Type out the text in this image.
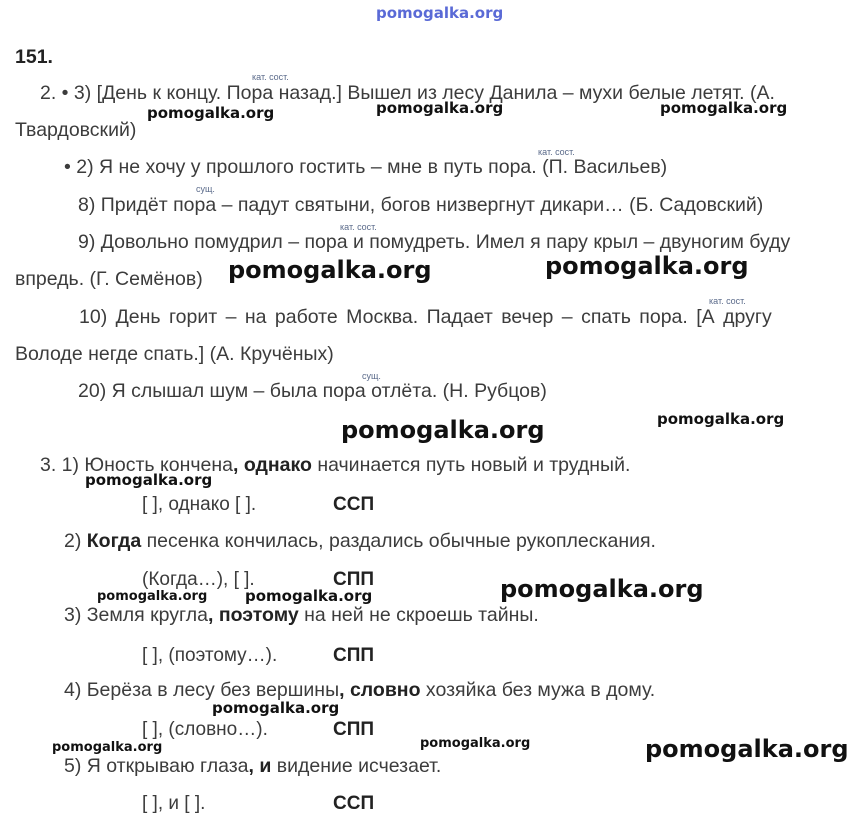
pomogalka.org
151.
кат. сост.
2. • 3) [День к концу. Пора назад.] Вышел из лесу Данила – мухи белые летят. (А.
Твардовский)
кат. сост.
• 2) Я не хочу у прошлого гостить – мне в путь пора. (П. Васильев)
сущ.
8) Придёт пора – падут святыни, богов низвергнут дикари… (Б. Садовский)
кат. сост.
9) Довольно помудрил – пора и помудреть. Имел я пару крыл – двуногим буду
впредь. (Г. Семёнов)
кат. сост.
10) День горит – на работе Москва. Падает вечер – спать пора. [А другу
Володе негде спать.] (А. Кручёных)
сущ.
20) Я слышал шум – была пора отлёта. (Н. Рубцов)
3. 1) Юность кончена, однако начинается путь новый и трудный.
[ ], однако [ ].	ССП
2) Когда песенка кончилась, раздались обычные рукоплескания.
(Когда…), [ ].	СПП
3) Земля кругла, поэтому на ней не скроешь тайны.
[ ], (поэтому…).	СПП
4) Берёза в лесу без вершины, словно хозяйка без мужа в дому.
[ ], (словно…).	СПП
5) Я открываю глаза, и видение исчезает.
[ ], и [ ].	ССП
pomogalka.org	pomogalka.org	pomogalka.org
pomogalka.org	pomogalka.org
pomogalka.org	pomogalka.org
pomogalka.org
pomogalka.org
pomogalka.org
pomogalka.org
pomogalka.org
pomogalka.org	pomogalka.org	pomogalka.org
